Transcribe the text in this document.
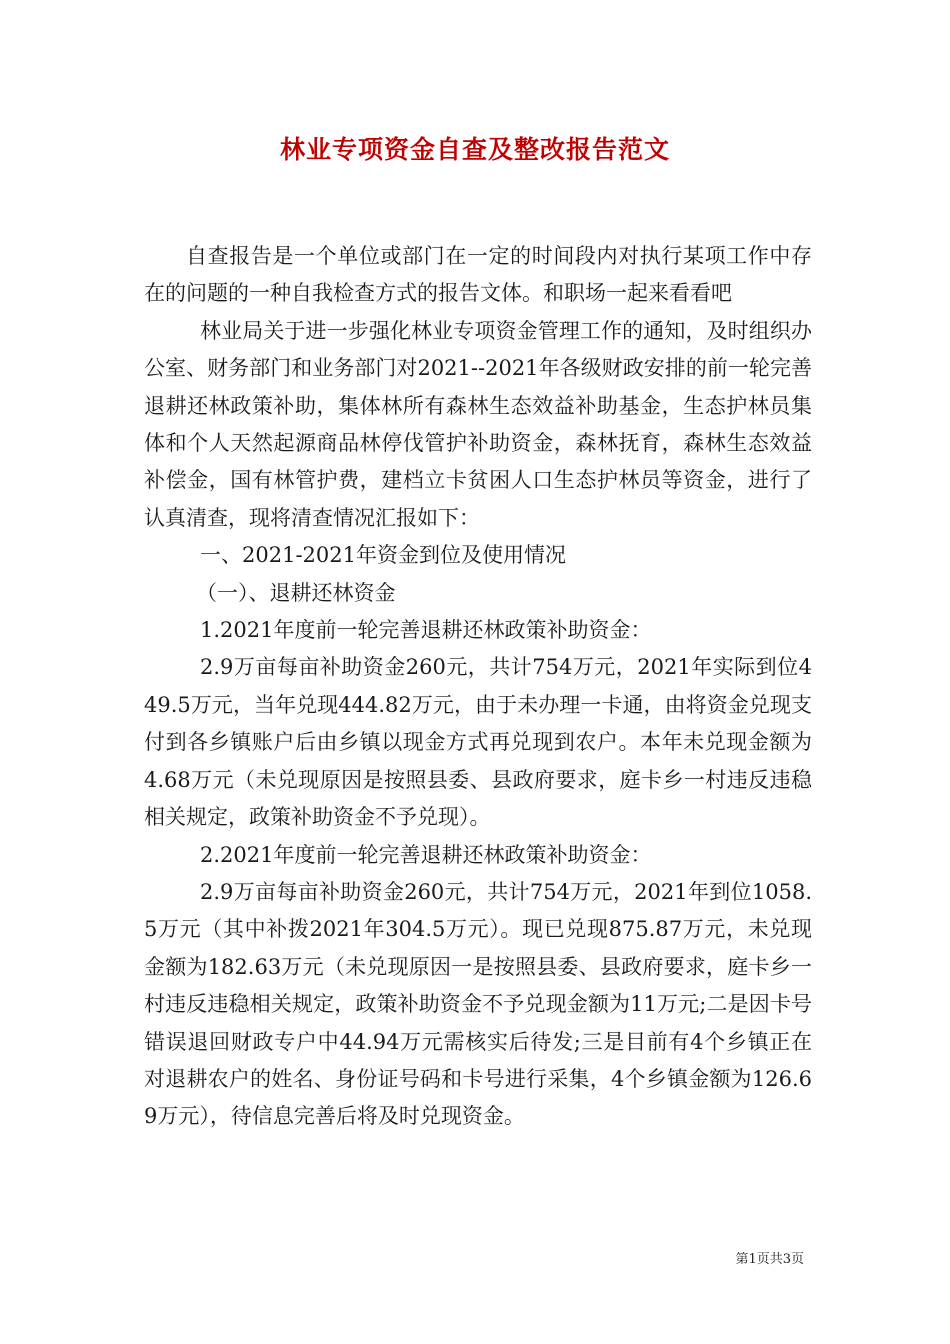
林业专项资金自查及整改报告范文

自查报告是一个单位或部门在一定的时间段内对执行某项工作中存在的问题的一种自我检查方式的报告文体。和职场一起来看看吧

林业局关于进一步强化林业专项资金管理工作的通知，及时组织办公室、财务部门和业务部门对2021--2021年各级财政安排的前一轮完善退耕还林政策补助，集体林所有森林生态效益补助基金，生态护林员集体和个人天然起源商品林停伐管护补助资金，森林抚育，森林生态效益补偿金，国有林管护费，建档立卡贫困人口生态护林员等资金，进行了认真清查，现将清查情况汇报如下：

一、2021-2021年资金到位及使用情况

（一）、退耕还林资金

1.2021年度前一轮完善退耕还林政策补助资金：

2.9万亩每亩补助资金260元，共计754万元，2021年实际到位449.5万元，当年兑现444.82万元，由于未办理一卡通，由将资金兑现支付到各乡镇账户后由乡镇以现金方式再兑现到农户。本年未兑现金额为4.68万元（未兑现原因是按照县委、县政府要求，庭卡乡一村违反违稳相关规定，政策补助资金不予兑现）。

2.2021年度前一轮完善退耕还林政策补助资金：

2.9万亩每亩补助资金260元，共计754万元，2021年到位1058.5万元（其中补拨2021年304.5万元）。现已兑现875.87万元，未兑现金额为182.63万元（未兑现原因一是按照县委、县政府要求，庭卡乡一村违反违稳相关规定，政策补助资金不予兑现金额为11万元;二是因卡号错误退回财政专户中44.94万元需核实后待发;三是目前有4个乡镇正在对退耕农户的姓名、身份证号码和卡号进行采集，4个乡镇金额为126.69万元），待信息完善后将及时兑现资金。

第1页共3页
